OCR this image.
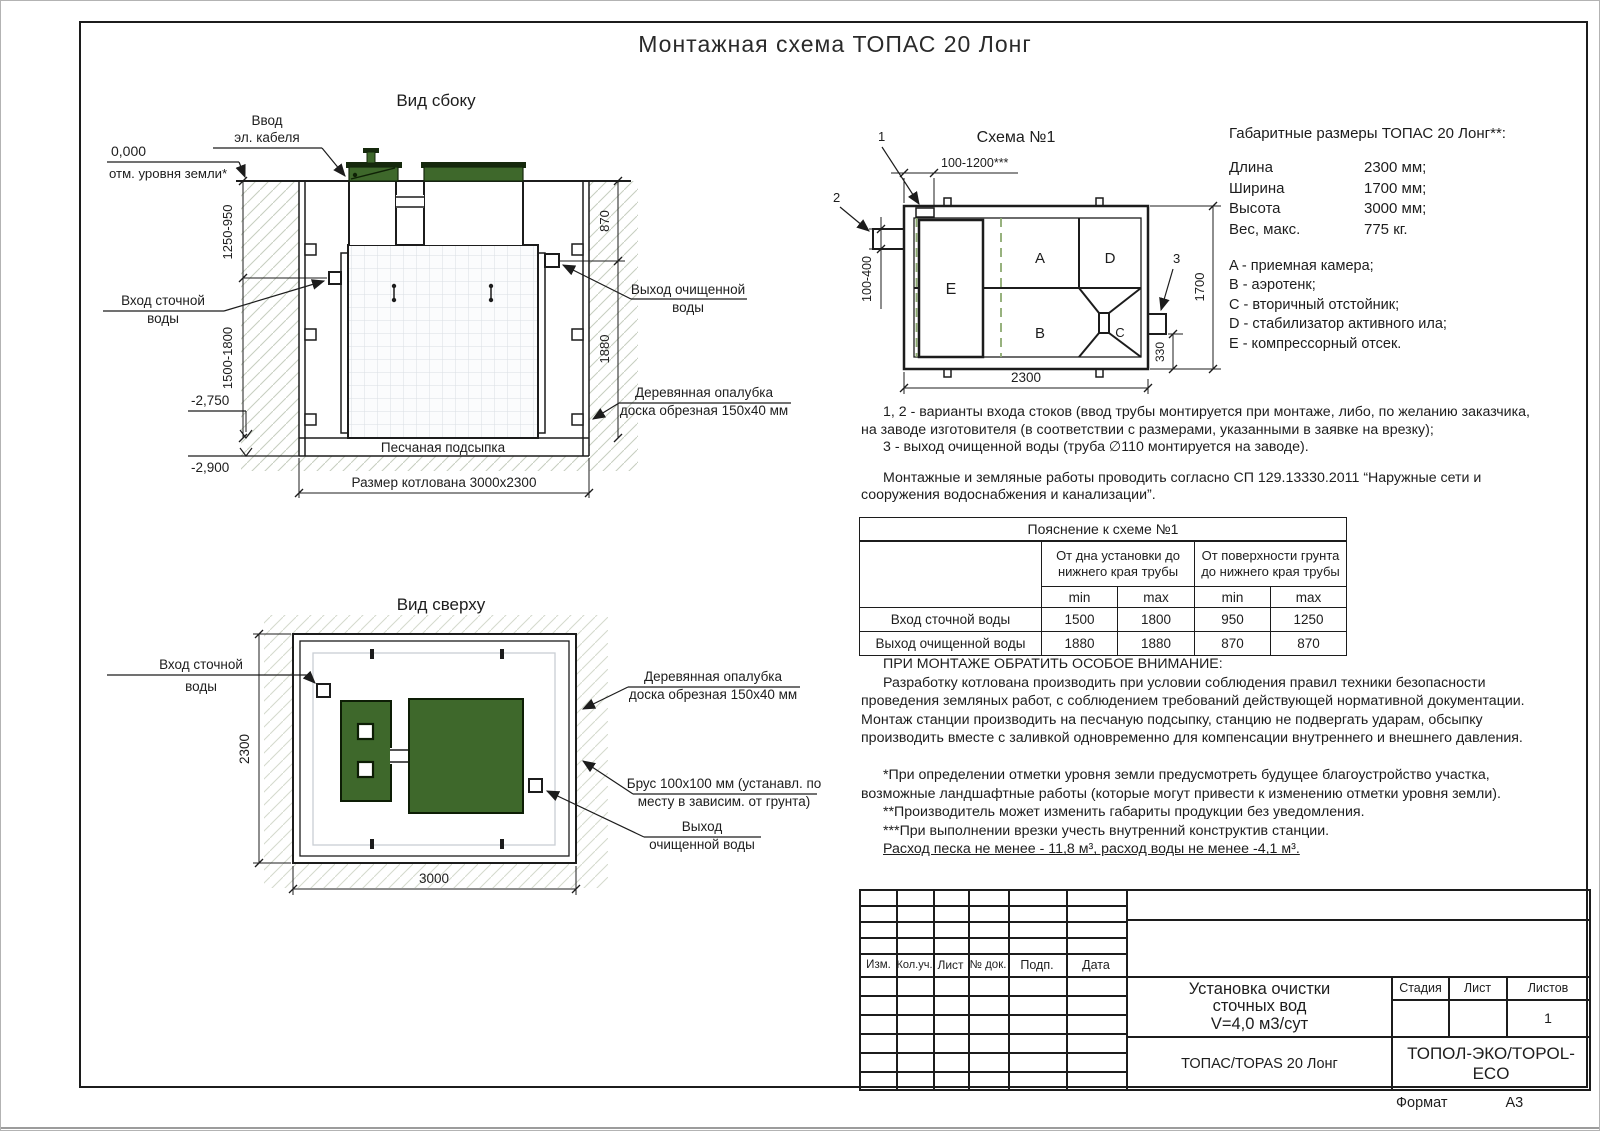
Монтажная схема ТОПАС 20 Лонг
Вид сбоку
0,000
отм. уровня земли*
1250-950
1500-1800
870
1880
-2,750
-2,900
Размер котлована 3000х2300
Ввод
эл. кабеля
Вход сточной
воды
Выход очищенной
воды
Деревянная опалубка
доска обрезная 150х40 мм
Песчаная подсыпка
Схема №1
A
B	C
D
E
100-1200***
100-400	1700
330
2300
1
2
3
Вид сверху
2300
3000
Вход сточной
воды
Деревянная опалубка
доска обрезная 150х40 мм
Брус 100х100 мм (устанавл. по
месту в зависим. от грунта)
Выход
очищенной воды
Габаритные размеры ТОПАС 20 Лонг**:
Длина	2300 мм;
Ширина	1700 мм;
Высота	3000 мм;
Вес, макс.	775 кг.
A - приемная камера;
B - аэротенк;
C - вторичный отстойник;
D - стабилизатор активного ила;
E - компрессорный отсек.

1, 2 - варианты входа стоков (ввод трубы монтируется при монтаже, либо, по желанию заказчика, на заводе изготовителя (в соответствии с размерами, указанными в заявке на врезку);

3 - выход очищенной воды (труба ∅110 монтируется на заводе).

Монтажные и земляные работы проводить согласно СП 129.13330.2011 “Наружные сети и сооружения водоснабжения и канализации”.

Пояснение к схеме №1				
	От дна установки до нижнего края трубы		От поверхности грунта до нижнего края трубы	
	min	max	min	max
Вход сточной воды	1500	1800	950	1250
Выход очищенной воды	1880	1880	870	870

ПРИ МОНТАЖЕ ОБРАТИТЬ ОСОБОЕ ВНИМАНИЕ:

Разработку котлована производить при условии соблюдения правил техники безопасности проведения земляных работ, с соблюдением требований действующей нормативной документации. Монтаж станции производить на песчаную подсыпку, станцию не подвергать ударам, обсыпку производить вместе с заливкой одновременно для компенсации внутреннего и внешнего давления.

*При определении отметки уровня земли предусмотреть будущее благоустройство участка, возможные ландшафтные работы (которые могут привести к изменению отметки уровня земли).

**Производитель может изменить габариты продукции без уведомления.

***При выполнении врезки учесть внутренний конструктив станции.

Расход песка не менее - 11,8 м³, расход воды не менее -4,1 м³.

Изм. Кол.уч. Лист № док.	Подп.	Дата
Установка очистки
сточных вод
V=4,0 м3/сут
Стадия	Лист	Листов
1
ТОПАС/TOPAS 20 Лонг
ТОПОЛ-ЭКО/TOPOL-ECO
Формат	А3
